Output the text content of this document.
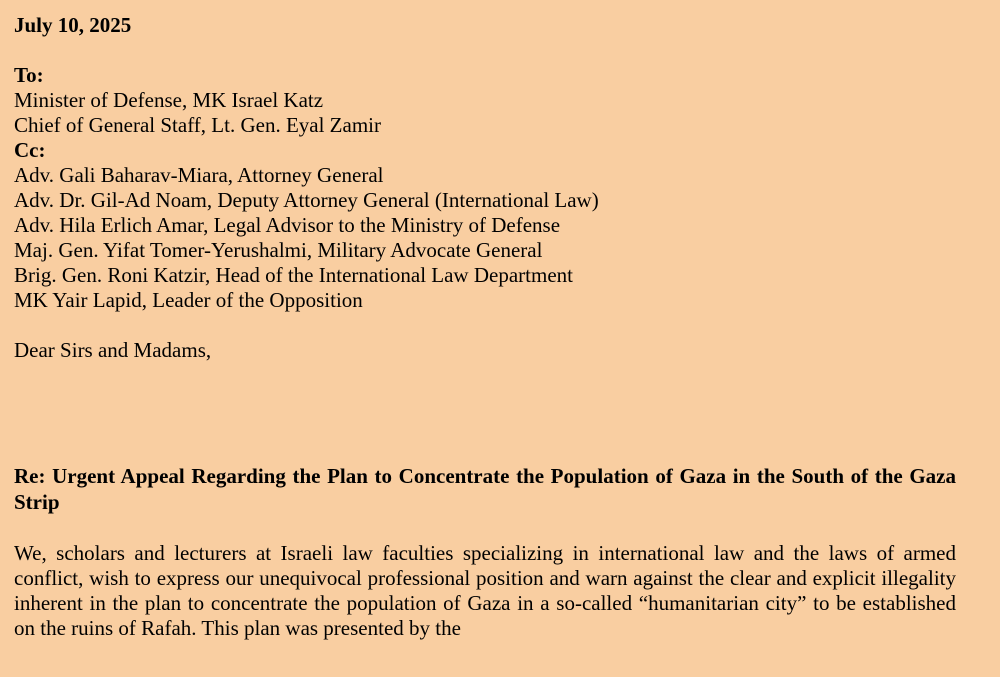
July 10, 2025
To:
Minister of Defense, MK Israel Katz
Chief of General Staff, Lt. Gen. Eyal Zamir
Cc:
Adv. Gali Baharav-Miara, Attorney General
Adv. Dr. Gil-Ad Noam, Deputy Attorney General (International Law)
Adv. Hila Erlich Amar, Legal Advisor to the Ministry of Defense
Maj. Gen. Yifat Tomer-Yerushalmi, Military Advocate General
Brig. Gen. Roni Katzir, Head of the International Law Department
MK Yair Lapid, Leader of the Opposition
Dear Sirs and Madams,
Re: Urgent Appeal Regarding the Plan to Concentrate the Population of Gaza in the South of the Gaza Strip
We, scholars and lecturers at Israeli law faculties specializing in international law and the laws of armed conflict, wish to express our unequivocal professional position and warn against the clear and explicit illegality inherent in the plan to concentrate the population of Gaza in a so-called “humanitarian city” to be established on the ruins of Rafah. This plan was presented by the
